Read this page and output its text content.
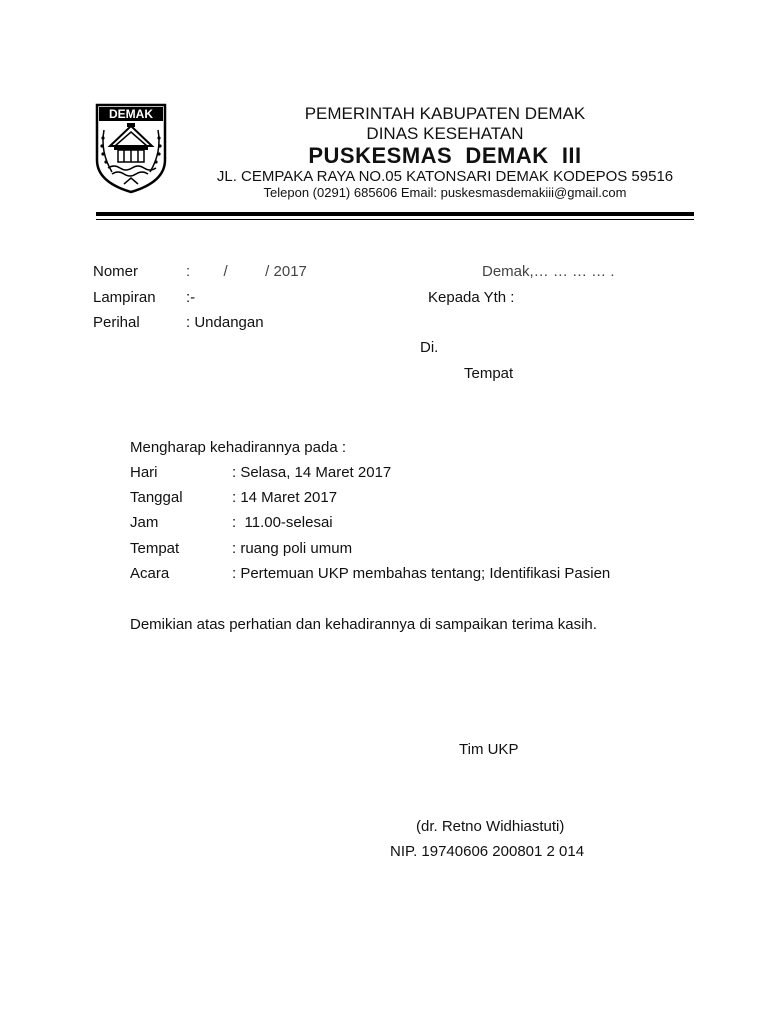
DEMAK	PEMERINTAH KABUPATEN DEMAK
DINAS KESEHATAN
PUSKESMAS  DEMAK  III
JL. CEMPAKA RAYA NO.05 KATONSARI DEMAK KODEPOS 59516
Telepon (0291) 685606 Email: puskesmasdemakiii@gmail.com
Nomer	:        /         / 2017	Demak,… … … … .
Lampiran :-	Kepada Yth :
Perihal	: Undangan
Di.
Tempat
Mengharap kehadirannya pada :
Hari	: Selasa, 14 Maret 2017
Tanggal	: 14 Maret 2017
Jam	:  11.00-selesai
Tempat	: ruang poli umum
Acara	: Pertemuan UKP membahas tentang; Identifikasi Pasien
Demikian atas perhatian dan kehadirannya di sampaikan terima kasih.
Tim UKP
(dr. Retno Widhiastuti)
NIP. 19740606 200801 2 014
